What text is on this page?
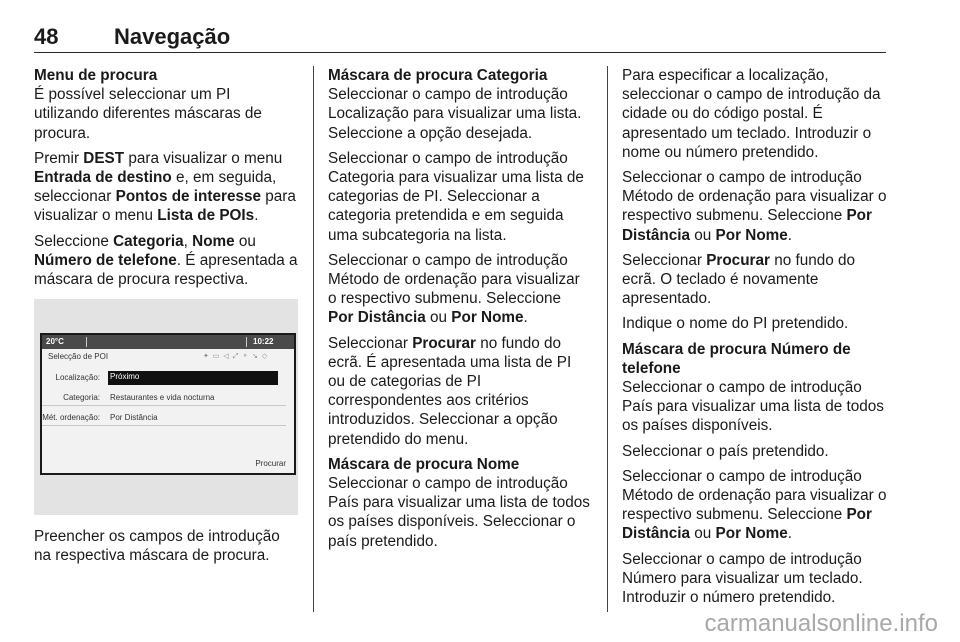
48	Navegação
Menu de procura

É possível seleccionar um PI utilizando diferentes máscaras de procura.

Premir DEST para visualizar o menu Entrada de destino e, em seguida, seleccionar Pontos de interesse para visualizar o menu Lista de POIs.

Seleccione Categoria, Nome ou Número de telefone. É apresentada a máscara de procura respectiva.

20°C	10:22
Selecção de POI	✦ ▭ ◁ ⤢ ⚬ ↘ ◇
Localização: Próximo
Categoria: Restaurantes e vida nocturna
Mét. ordenação: Por Distância
Procurar

Preencher os campos de introdução na respectiva máscara de procura.

Máscara de procura Categoria

Seleccionar o campo de introdução Localização para visualizar uma lista. Seleccione a opção desejada.

Seleccionar o campo de introdução Categoria para visualizar uma lista de categorias de PI. Seleccionar a categoria pretendida e em seguida uma subcategoria na lista.

Seleccionar o campo de introdução Método de ordenação para visualizar o respectivo submenu. Seleccione Por Distância ou Por Nome.

Seleccionar Procurar no fundo do ecrã. É apresentada uma lista de PI ou de categorias de PI correspondentes aos critérios introduzidos. Seleccionar a opção pretendido do menu.

Máscara de procura Nome

Seleccionar o campo de introdução País para visualizar uma lista de todos os países disponíveis. Seleccionar o país pretendido.

Para especificar a localização, seleccionar o campo de introdução da cidade ou do código postal. É apresentado um teclado. Introduzir o nome ou número pretendido.

Seleccionar o campo de introdução Método de ordenação para visualizar o respectivo submenu. Seleccione Por Distância ou Por Nome.

Seleccionar Procurar no fundo do ecrã. O teclado é novamente apresentado.

Indique o nome do PI pretendido.

Máscara de procura Número de telefone

Seleccionar o campo de introdução País para visualizar uma lista de todos os países disponíveis.

Seleccionar o país pretendido.

Seleccionar o campo de introdução Método de ordenação para visualizar o respectivo submenu. Seleccione Por Distância ou Por Nome.

Seleccionar o campo de introdução Número para visualizar um teclado. Introduzir o número pretendido.

carmanualsonline.info
